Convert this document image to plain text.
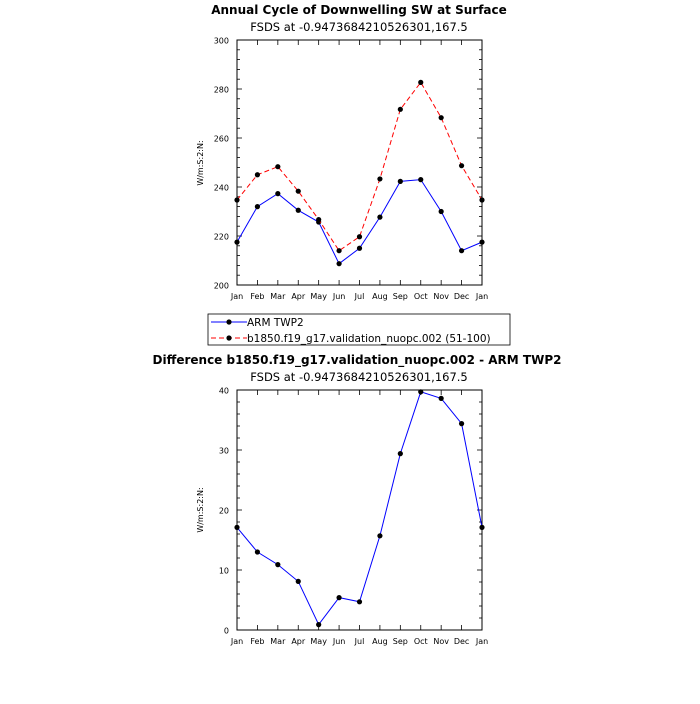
Annual Cycle of Downwelling SW at Surface
FSDS at -0.9473684210526301,167.5
W/m:S:2:N:
200
220
240
260
280
300
Jan Feb Mar Apr May Jun Jul Aug Sep Oct Nov Dec Jan
ARM TWP2
b1850.f19_g17.validation_nuopc.002 (51-100)
Difference b1850.f19_g17.validation_nuopc.002 - ARM TWP2
FSDS at -0.9473684210526301,167.5
W/m:S:2:N:
0
10
20
30
40
Jan Feb Mar Apr May Jun Jul Aug Sep Oct Nov Dec Jan
